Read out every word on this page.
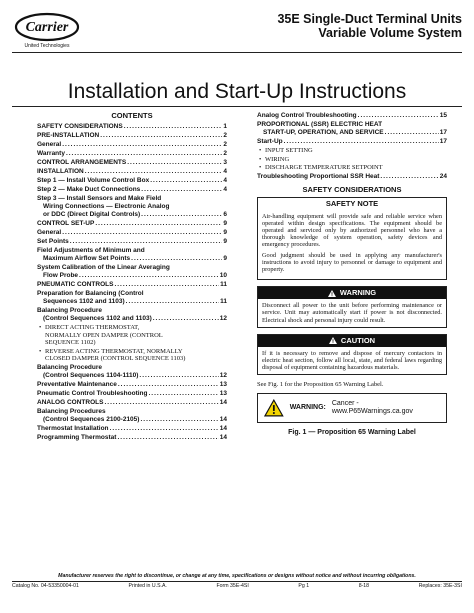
Carrier
United Technologies
35E Single-Duct Terminal Units
Variable Volume System
Installation and Start-Up Instructions
CONTENTS
SAFETY CONSIDERATIONS .....	1
PRE-INSTALLATION .....	2
General .....	2
Warranty .....	2
CONTROL ARRANGEMENTS .....	3
INSTALLATION .....	4
Step 1 — Install Volume Control Box .....	4
Step 2 — Make Duct Connections .....	4
Step 3 — Install Sensors and Make Field
Wiring Connections — Electronic Analog
or DDC (Direct Digital Controls) .....	6
CONTROL SET-UP .....	9
General .....	9
Set Points .....	9
Field Adjustments of Minimum and
Maximum Airflow Set Points .....	9
System Calibration of the Linear Averaging
Flow Probe .....	10
PNEUMATIC CONTROLS .....	11
Preparation for Balancing (Control
Sequences 1102 and 1103) .....	11
Balancing Procedure
(Control Sequences 1102 and 1103) .....	12
• DIRECT ACTING THERMOSTAT,
NORMALLY OPEN DAMPER (CONTROL
SEQUENCE 1102)
• REVERSE ACTING THERMOSTAT, NORMALLY
CLOSED DAMPER (CONTROL SEQUENCE 1103)
Balancing Procedure
(Control Sequences 1104-1110) .....	12
Preventative Maintenance .....	13
Pneumatic Control Troubleshooting .....	13
ANALOG CONTROLS .....	14
Balancing Procedures
(Control Sequences 2100-2105) .....	14
Thermostat Installation .....	14
Programming Thermostat .....	14
Analog Control Troubleshooting .....	15
PROPORTIONAL (SSR) ELECTRIC HEAT
START-UP, OPERATION, AND SERVICE .....	17
Start-Up .....	17
• INPUT SETTING
• WIRING
• DISCHARGE TEMPERATURE SETPOINT
Troubleshooting Proportional SSR Heat .....	24
SAFETY CONSIDERATIONS
SAFETY NOTE

Air-handling equipment will provide safe and reliable service when operated within design specifications. The equipment should be operated and serviced only by authorized personnel who have a thorough knowledge of system operation, safety devices and emergency procedures.

Good judgment should be used in applying any manufacturer's instructions to avoid injury to personnel or damage to equipment and property.

WARNING
Disconnect all power to the unit before performing maintenance or service. Unit may automatically start if power is not disconnected. Electrical shock and personal injury could result.
CAUTION
If it is necessary to remove and dispose of mercury contactors in electric heat section, follow all local, state, and federal laws regarding disposal of equipment containing hazardous materials.
See Fig. 1 for the Proposition 65 Warning Label.
WARNING:
Cancer - www.P65Warnings.ca.gov
Fig. 1 — Proposition 65 Warning Label
Manufacturer reserves the right to discontinue, or change at any time, specifications or designs without notice and without incurring obligations.
Catalog No. 04-53350004-01	Printed in U.S.A.	Form 35E-4SI	Pg 1	8-18	Replaces: 35E-3SI
